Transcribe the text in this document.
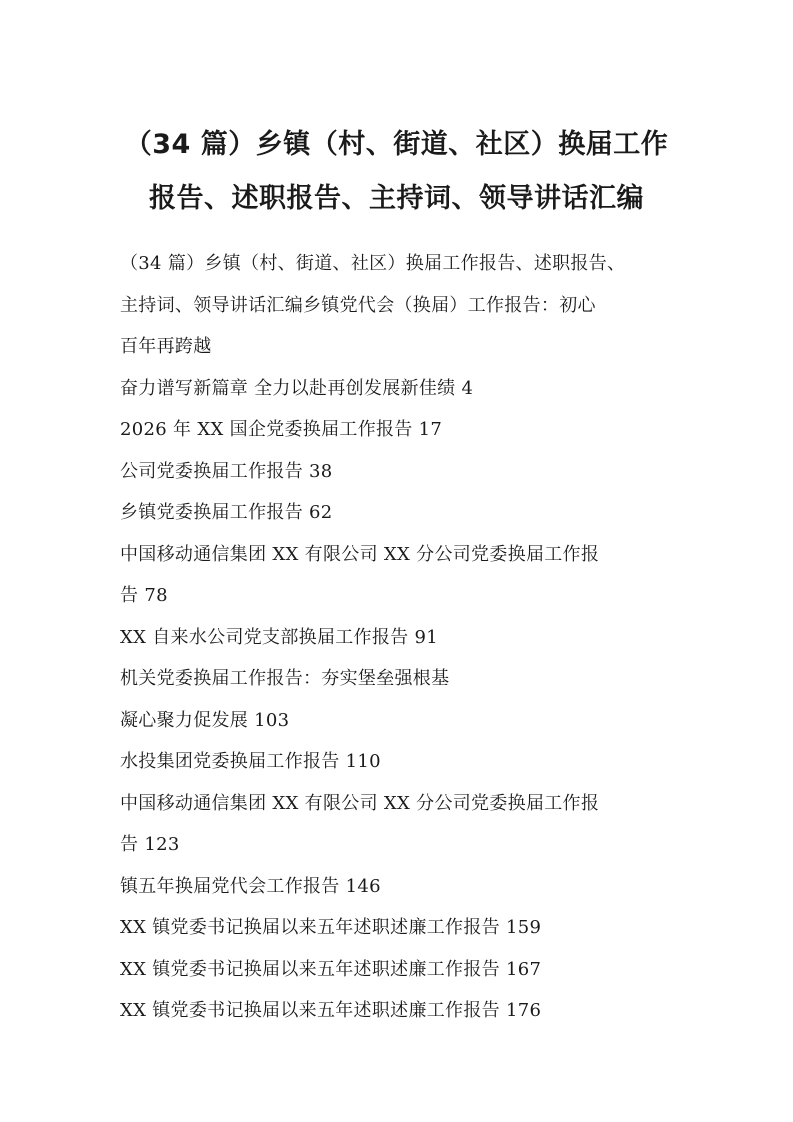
（34 篇）乡镇（村、街道、社区）换届工作
报告、述职报告、主持词、领导讲话汇编
（34 篇）乡镇（村、街道、社区）换届工作报告、述职报告、
主持词、领导讲话汇编乡镇党代会（换届）工作报告：初心
百年再跨越
奋力谱写新篇章 全力以赴再创发展新佳绩 4
2026 年 XX 国企党委换届工作报告 17
公司党委换届工作报告 38
乡镇党委换届工作报告 62
中国移动通信集团 XX 有限公司 XX 分公司党委换届工作报
告 78
XX 自来水公司党支部换届工作报告 91
机关党委换届工作报告：夯实堡垒强根基
凝心聚力促发展 103
水投集团党委换届工作报告 110
中国移动通信集团 XX 有限公司 XX 分公司党委换届工作报
告 123
镇五年换届党代会工作报告 146
XX 镇党委书记换届以来五年述职述廉工作报告 159
XX 镇党委书记换届以来五年述职述廉工作报告 167
XX 镇党委书记换届以来五年述职述廉工作报告 176
